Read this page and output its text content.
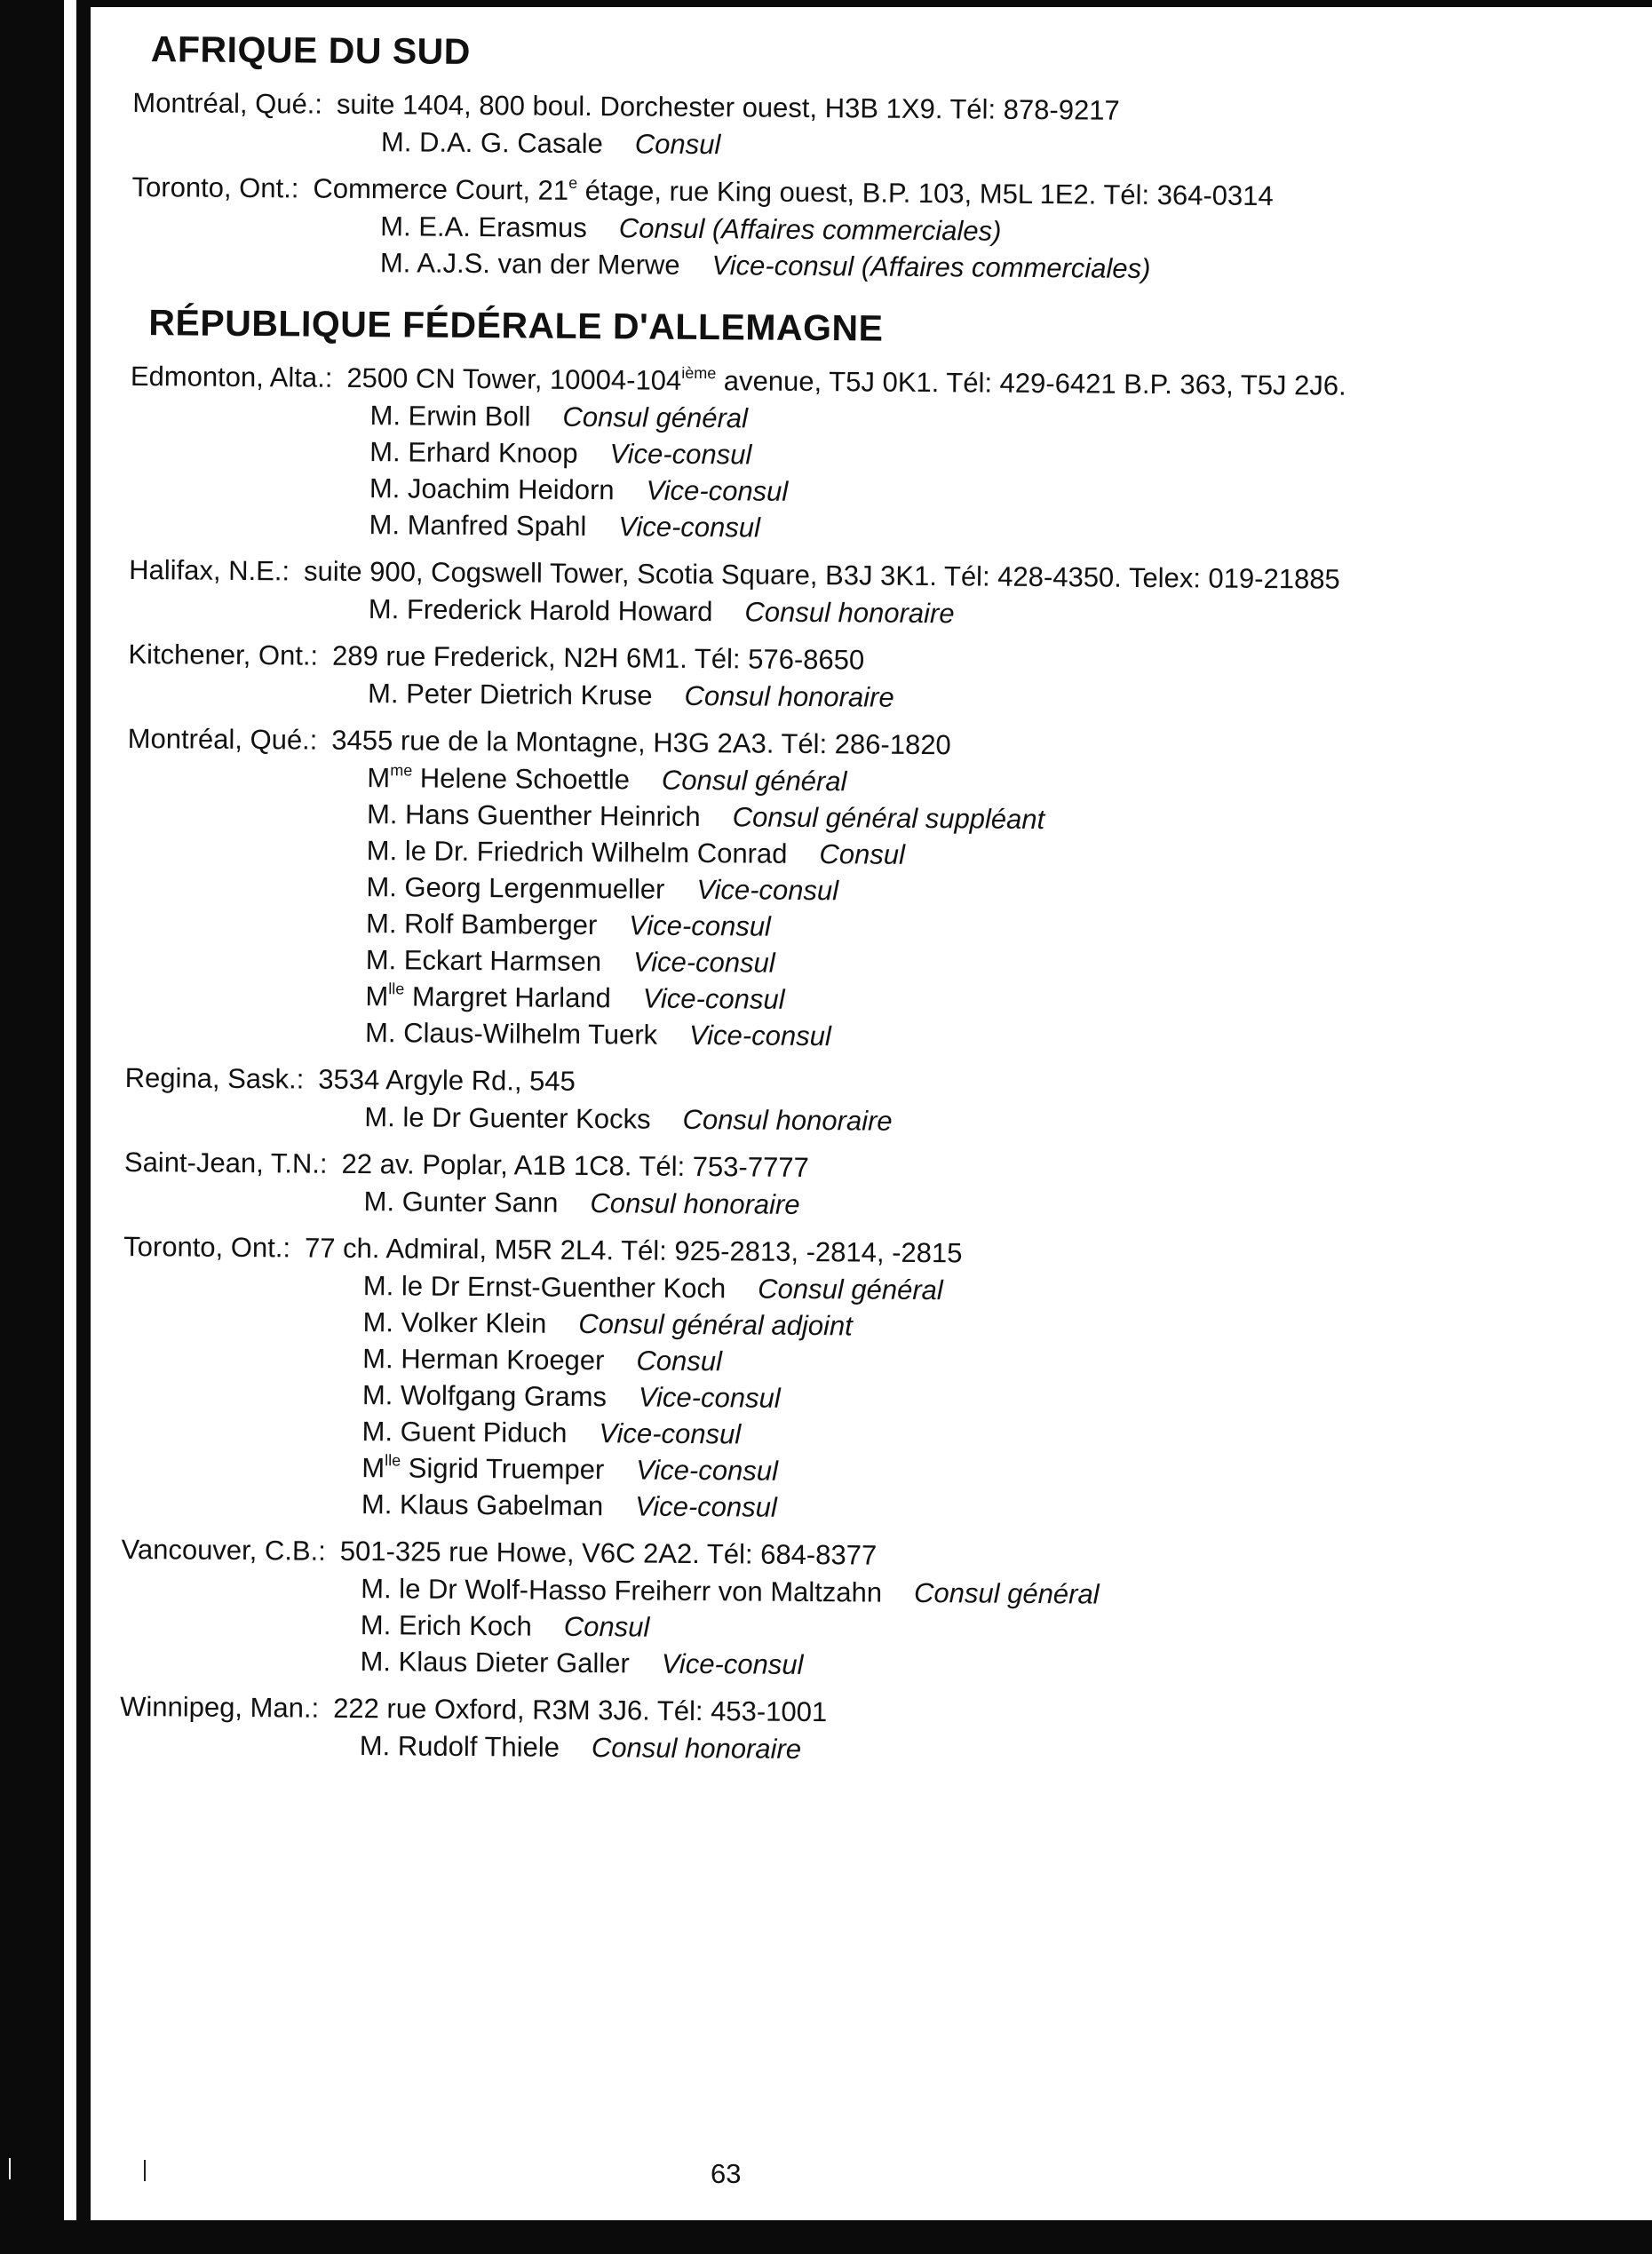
AFRIQUE DU SUD
Montréal, Qué.: suite 1404, 800 boul. Dorchester ouest, H3B 1X9. Tél: 878-9217
M. D.A. G. Casale Consul
Toronto, Ont.: Commerce Court, 21e étage, rue King ouest, B.P. 103, M5L 1E2. Tél: 364-0314
M. E.A. Erasmus Consul (Affaires commerciales)
M. A.J.S. van der Merwe Vice-consul (Affaires commerciales)
RÉPUBLIQUE FÉDÉRALE D'ALLEMAGNE
Edmonton, Alta.: 2500 CN Tower, 10004-104ième avenue, T5J 0K1. Tél: 429-6421 B.P. 363, T5J 2J6.
M. Erwin Boll Consul général
M. Erhard Knoop Vice-consul
M. Joachim Heidorn Vice-consul
M. Manfred Spahl Vice-consul
Halifax, N.E.: suite 900, Cogswell Tower, Scotia Square, B3J 3K1. Tél: 428-4350. Telex: 019-21885
M. Frederick Harold Howard Consul honoraire
Kitchener, Ont.: 289 rue Frederick, N2H 6M1. Tél: 576-8650
M. Peter Dietrich Kruse Consul honoraire
Montréal, Qué.: 3455 rue de la Montagne, H3G 2A3. Tél: 286-1820
$M^{me}$ Helene Schoettle Consul général
M. Hans Guenther Heinrich Consul général suppléant
M. le Dr. Friedrich Wilhelm Conrad Consul
M. Georg Lergenmueller Vice-consul
M. Rolf Bamberger Vice-consul
M. Eckart Harmsen Vice-consul
$M^{lle}$ Margret Harland Vice-consul
M. Claus-Wilhelm Tuerk Vice-consul
Regina, Sask.: 3534 Argyle Rd., 545
M. le Dr Guenter Kocks Consul honoraire
Saint-Jean, T.N.: 22 av. Poplar, A1B 1C8. Tél: 753-7777
M. Gunter Sann Consul honoraire
Toronto, Ont.: 77 ch. Admiral, M5R 2L4. Tél: 925-2813, -2814, -2815
M. le Dr Ernst-Guenther Koch Consul général
M. Volker Klein Consul général adjoint
M. Herman Kroeger Consul
M. Wolfgang Grams Vice-consul
M. Guent Piduch Vice-consul
$M^{lle}$ Sigrid Truemper Vice-consul
M. Klaus Gabelman Vice-consul
Vancouver, C.B.: 501-325 rue Howe, V6C 2A2. Tél: 684-8377
M. le Dr Wolf-Hasso Freiherr von Maltzahn Consul général
M. Erich Koch Consul
M. Klaus Dieter Galler Vice-consul
Winnipeg, Man.: 222 rue Oxford, R3M 3J6. Tél: 453-1001
M. Rudolf Thiele Consul honoraire
63
